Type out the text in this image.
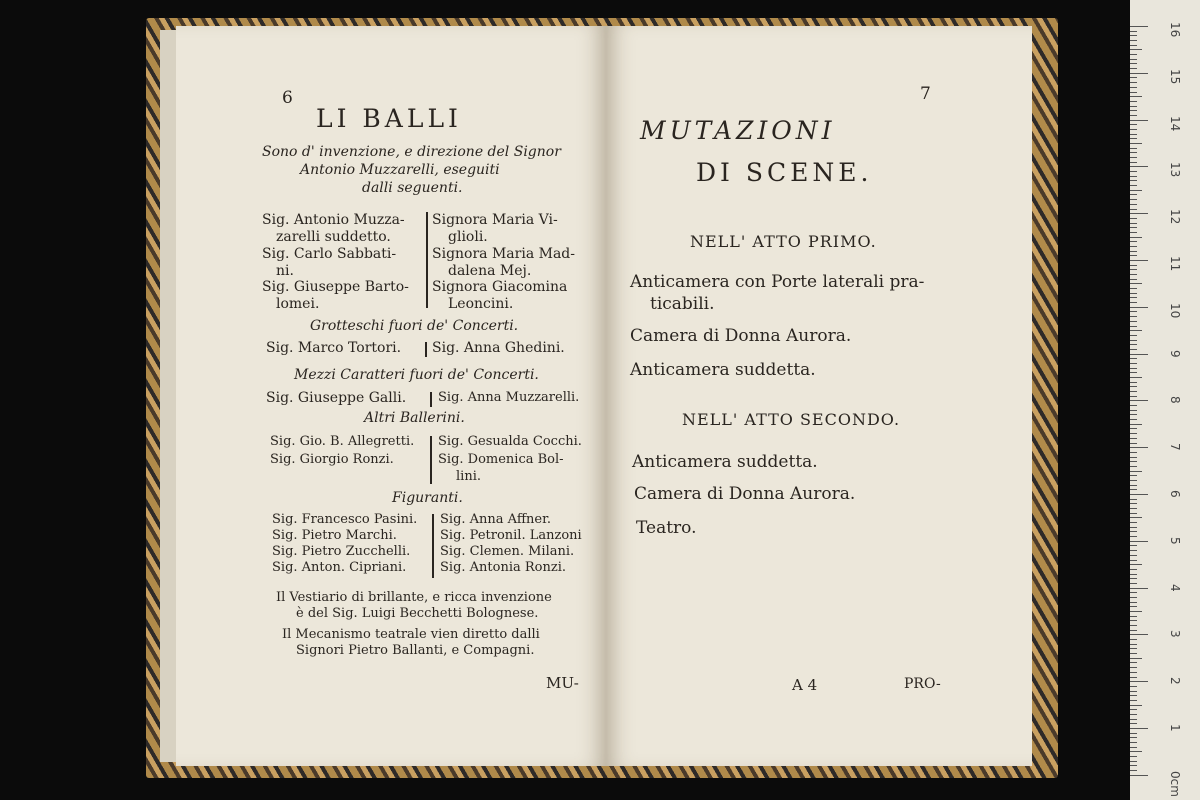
6
LI BALLI
Sono d' invenzione, e direzione del Signor
Antonio Muzzarelli, eseguiti
dalli seguenti.
Sig. Antonio Muzza- Signora Maria Vi-
zarelli suddetto.	glioli.
Sig. Carlo Sabbati-	Signora Maria Mad-
ni.	dalena Mej.
Sig. Giuseppe Barto- Signora Giacomina
lomei.	Leoncini.
Grotteschi fuori de' Concerti.
Sig. Marco Tortori. Sig. Anna Ghedini.
Mezzi Caratteri fuori de' Concerti.
Sig. Giuseppe Galli. Sig. Anna Muzzarelli.
Altri Ballerini.
Sig. Gio. B. Allegretti. Sig. Gesualda Cocchi.
Sig. Giorgio Ronzi.	Sig. Domenica Bol-
lini.
Figuranti.
Sig. Francesco Pasini. Sig. Anna Affner.
Sig. Pietro Marchi.	Sig. Petronil. Lanzoni
Sig. Pietro Zucchelli. Sig. Clemen. Milani.
Sig. Anton. Cipriani.	Sig. Antonia Ronzi.
Il Vestiario di brillante, e ricca invenzione
è del Sig. Luigi Becchetti Bolognese.
Il Mecanismo teatrale vien diretto dalli
Signori Pietro Ballanti, e Compagni.
MU-
7
MUTAZIONI
DI SCENE.
NELL' ATTO PRIMO.
Anticamera con Porte laterali pra-
ticabili.
Camera di Donna Aurora.
Anticamera suddetta.
NELL' ATTO SECONDO.
Anticamera suddetta.
Camera di Donna Aurora.
Teatro.
A 4	PRO-
16
15
14
13
12
11
10
9
8
7
6
5
4
3
2
1
0cm
